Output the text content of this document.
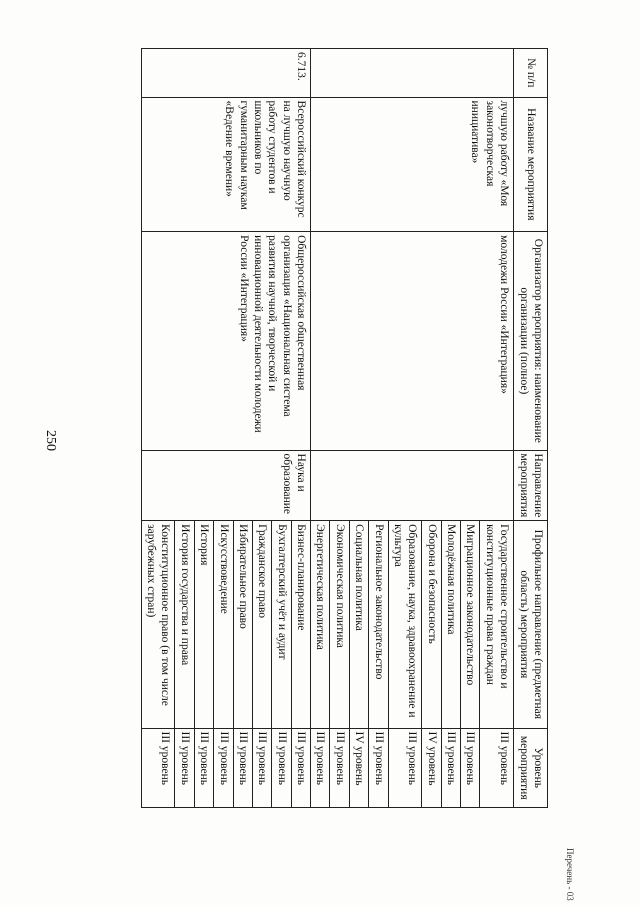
250
№ п/п	Название мероприятия	Организатор мероприятия: наименование организации (полное)	Направление мероприятия	Профильное направление (предметная область) мероприятия	Уровень мероприятия
	лучшую работу «Моя законотворческая инициатива»	молодежи России «Интеграция»		Государственное строительство и конституционные права граждан	III уровень
				Миграционное законодательство	III уровень
				Молодёжная политика	III уровень
				Оборона и безопасность	IV уровень
				Образование, наука, здравоохранение и культура	III уровень
				Региональное законодательство	III уровень
				Социальная политика	IV уровень
				Экономическая политика	III уровень
				Энергетическая политика	III уровень
6.713.	Всероссийский конкурс на лучшую научную работу студентов и школьников по гуманитарным наукам «Ведение времени»	Общероссийская общественная организация «Национальная система развития научной, творческой и инновационной деятельности молодежи России «Интеграция»	Наука и образование	Бизнес-планирование	III уровень
				Бухгалтерский учёт и аудит	III уровень
				Гражданское право	III уровень
				Избирательное право	III уровень
				Искусствоведение	III уровень
				История	III уровень
				История государства и права	III уровень
				Конституционное право (в том числе зарубежных стран)	III уровень
Перечень - 03
